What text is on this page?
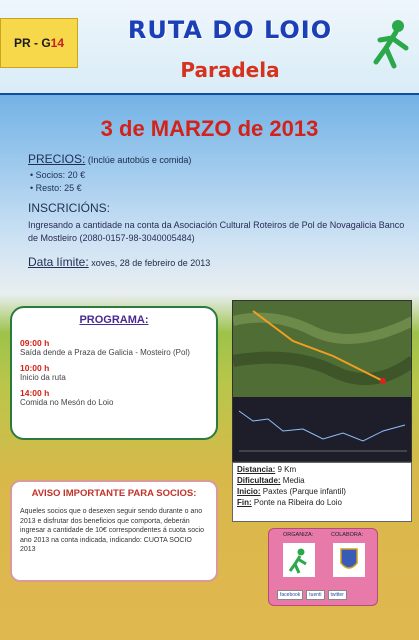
PR - G 14	RUTA DO LOIO
Paradela
3 de MARZO de 2013
PRECIOS: (Inclúe autobús e comida)
• Socios: 20 €
• Resto: 25 €
INSCRICIÓNS:
Ingresando a cantidade na conta da Asociación Cultural Roteiros de Pol de Novagalicia Banco de Mostleiro (2080-0157-98-3040005484)
Data límite: xoves, 28 de febreiro de 2013
PROGRAMA:
09:00 h
Saída dende a Praza de Galicia - Mosteiro (Pol)
10:00 h
Inicio da ruta
14:00 h
Comida no Mesón do Loio
Distancia: 9 Km
Dificultade: Media
Inicio: Paxtes (Parque infantil)
Fin: Ponte na Ribeira do Loio
AVISO IMPORTANTE PARA SOCIOS:
Aqueles socios que o desexen seguir sendo durante o ano 2013 e disfrutar dos beneficios que comporta, deberán ingresar a cantidade de 10€ correspondentes á cuota socio ano 2013 na conta indicada, indicando: CUOTA SOCIO 2013
ORGANIZA:	COLABORA:
facebook	tuenti	twitter
